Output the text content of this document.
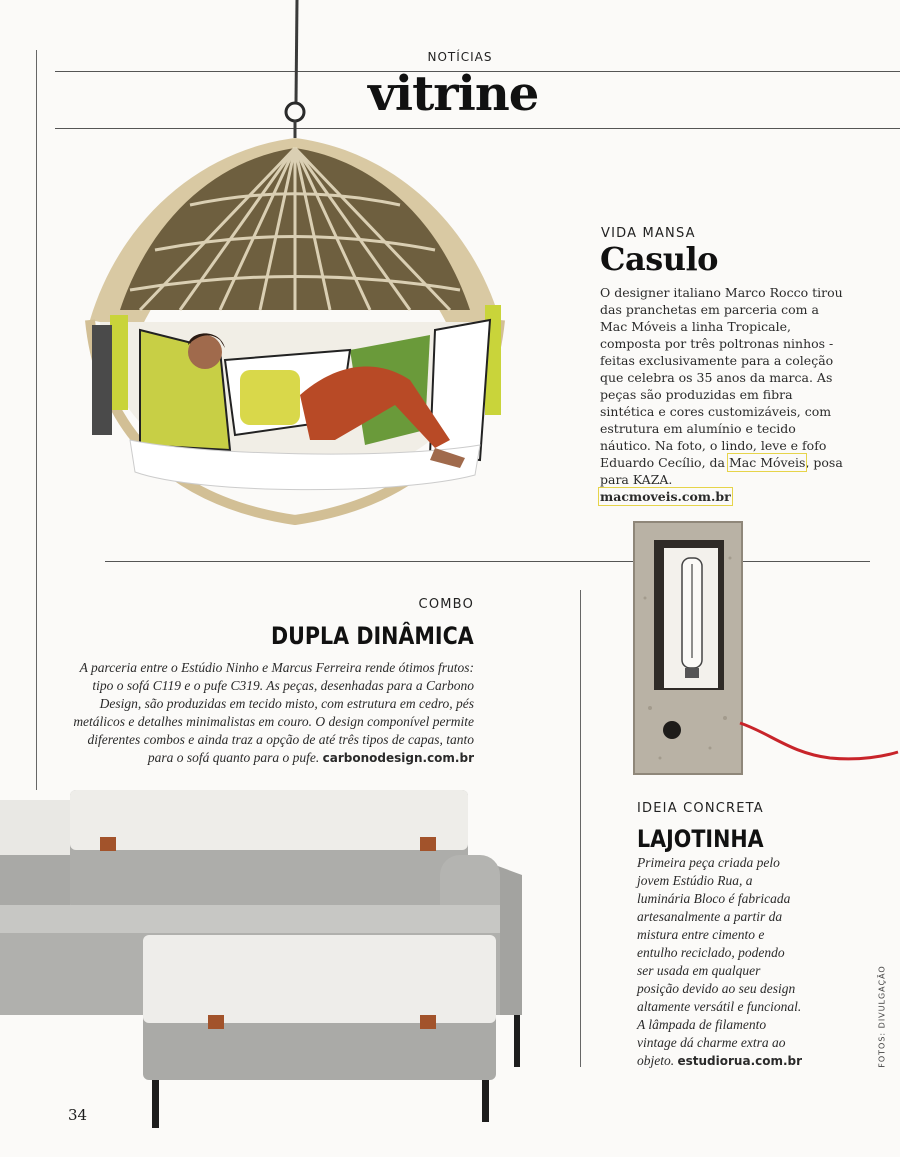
NOTÍCIAS
vitrine
VIDA MANSA
Casulo
O designer italiano Marco Rocco tirou das pranchetas em parceria com a Mac Móveis a linha Tropicale, composta por três poltronas ninhos - feitas exclusivamente para a coleção que celebra os 35 anos da marca. As peças são produzidas em fibra sintética e cores customizáveis, com estrutura em alumínio e tecido náutico. Na foto, o lindo, leve e fofo Eduardo Cecílio, da Mac Móveis, posa para KAZA.
macmoveis.com.br
COMBO
DUPLA DINÂMICA
A parceria entre o Estúdio Ninho e Marcus Ferreira rende ótimos frutos: tipo o sofá C119 e o pufe C319. As peças, desenhadas para a Carbono Design, são produzidas em tecido misto, com estrutura em cedro, pés metálicos e detalhes minimalistas em couro. O design componível permite diferentes combos e ainda traz a opção de até três tipos de capas, tanto para o sofá quanto para o pufe. carbonodesign.com.br
IDEIA CONCRETA
LAJOTINHA
Primeira peça criada pelo jovem Estúdio Rua, a luminária Bloco é fabricada artesanalmente a partir da mistura entre cimento e entulho reciclado, podendo ser usada em qualquer posição devido ao seu design altamente versátil e funcional. A lâmpada de filamento vintage dá charme extra ao objeto. estudiorua.com.br	FOTOS: DIVULGAÇÃO
34
